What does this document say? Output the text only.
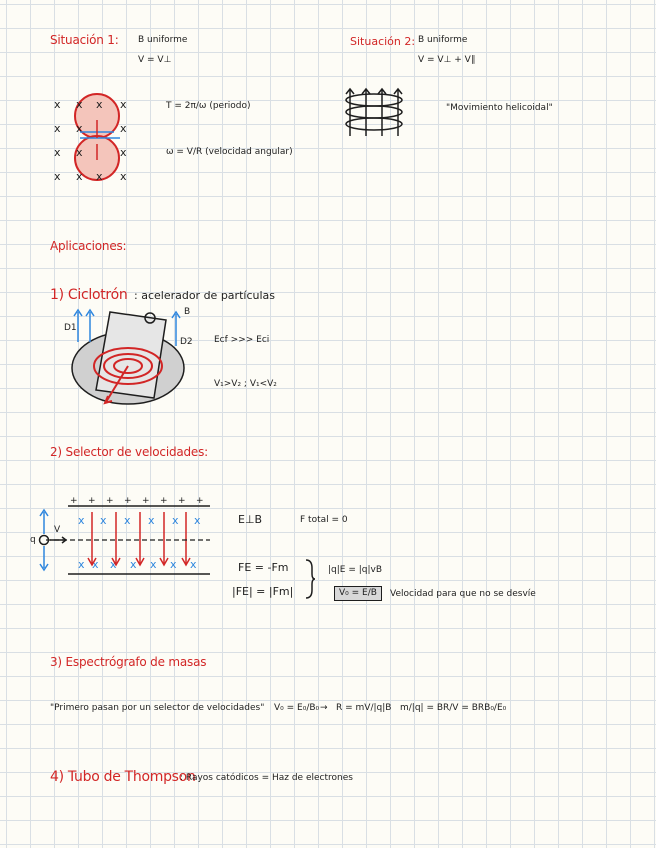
Situación 1: B uniforme
V = V⊥
x x x x
x x	x
x x	x
x x x x
T = 2π/ω (periodo)
ω = V/R (velocidad angular)
Situación 2: B uniforme
V = V⊥ + V∥
"Movimiento helicoidal"
Aplicaciones:
1) Ciclotrón : acelerador de partículas
D1
D2
B
Ecf >>> Eci
V₁>V₂ ; V₁<V₂
2) Selector de velocidades:
+ + + + + + + +
x x x x x x
x x x x x x x
q
V
E⊥B	F total = 0
FE = -Fm
|FE| = |Fm|
|q|E = |q|vB
V₀ = E/B	Velocidad para que no se desvíe
3) Espectrógrafo de masas
"Primero pasan por un selector de velocidades" V₀ = E₀/B₀ → R = mV/|q|B m/|q| = BR/V = BRB₀/E₀
4) Tubo de Thompson
: Rayos catódicos = Haz de electrones
